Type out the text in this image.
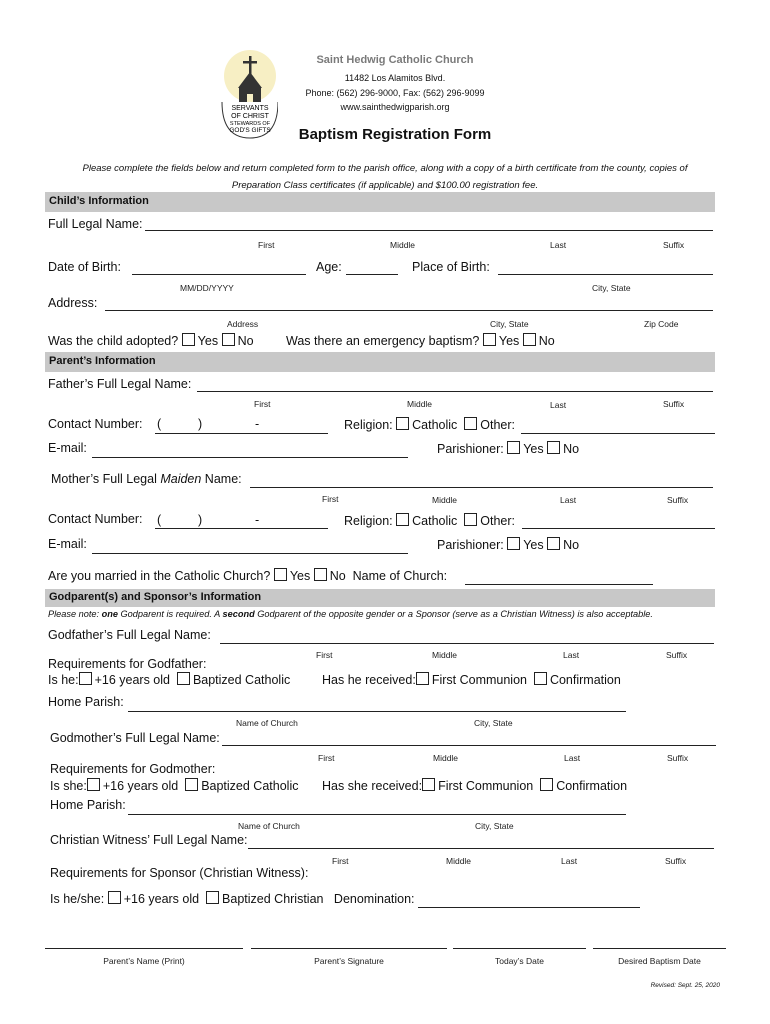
SERVANTS
OF CHRIST
STEWARDS OF
GOD'S GIFTS
Saint Hedwig Catholic Church
11482 Los Alamitos Blvd.
Phone: (562) 296-9000, Fax: (562) 296-9099
www.sainthedwigparish.org
Baptism Registration Form
Please complete the fields below and return completed form to the parish office, along with a copy of a birth certificate from the county, copies of
Preparation Class certificates (if applicable) and $100.00 registration fee.
Child’s Information
Full Legal Name:
First	Middle	Last	Suffix
Date of Birth:	Age:	Place of Birth:
MM/DD/YYYY	City, State
Address:
Address	City, State	Zip Code
Was the child adopted? Yes No	Was there an emergency baptism? Yes No
Parent’s Information
Father’s Full Legal Name:
First	Middle	Last	Suffix
Contact Number: (	)	-	Religion: Catholic Other:
E-mail:	Parishioner: Yes No
Mother’s Full Legal Maiden Name:
First	Middle	Last	Suffix
Contact Number: (	)	-	Religion: Catholic Other:
E-mail:	Parishioner: Yes No
Are you married in the Catholic Church? Yes No Name of Church:
Godparent(s) and Sponsor’s Information
Please note: one Godparent is required. A second Godparent of the opposite gender or a Sponsor (serve as a Christian Witness) is also acceptable.
Godfather’s Full Legal Name:
First	Middle	Last	Suffix
Requirements for Godfather:
Is he: +16 years old Baptized Catholic	Has he received: First Communion Confirmation
Home Parish:
Name of Church	City, State
Godmother’s Full Legal Name:
First	Middle	Last	Suffix
Requirements for Godmother:
Is she: +16 years old Baptized Catholic Has she received: First Communion Confirmation
Home Parish:
Name of Church	City, State
Christian Witness’ Full Legal Name:
First	Middle	Last	Suffix
Requirements for Sponsor (Christian Witness):
Is he/she: +16 years old Baptized Christian Denomination:
Parent’s Name (Print)	Parent’s Signature	Today’s Date	Desired Baptism Date
Revised: Sept. 25, 2020
